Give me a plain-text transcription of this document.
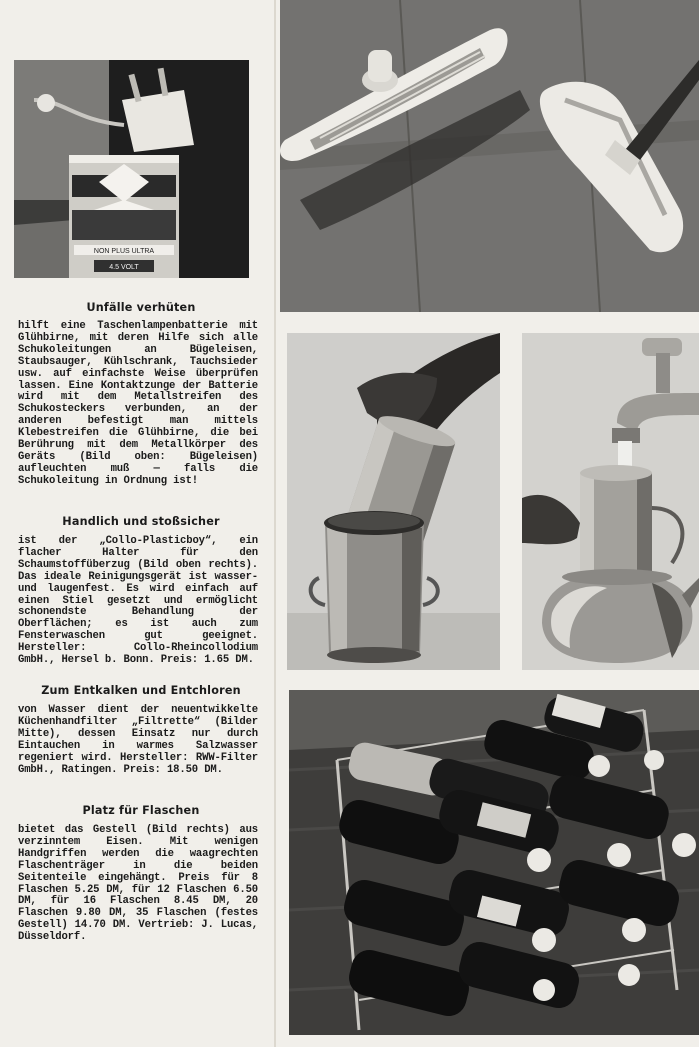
NON PLUS ULTRA
4.5 VOLT
Unfälle verhüten

hilft eine Taschenlampenbatterie mit Glühbirne, mit deren Hilfe sich alle Schukoleitungen an Bügeleisen, Staubsauger, Kühlschrank, Tauchsieder usw. auf einfachste Weise überprüfen lassen. Eine Kontaktzunge der Batterie wird mit dem Metallstreifen des Schukosteckers verbunden, an der anderen befestigt man mittels Klebestreifen die Glühbirne, die bei Berührung mit dem Metallkörper des Geräts (Bild oben: Bügeleisen) aufleuchten muß — falls die Schukoleitung in Ordnung ist!

Handlich und stoßsicher

ist der „Collo-Plasticboy“, ein flacher Halter für den Schaumstoffüberzug (Bild oben rechts). Das ideale Reinigungsgerät ist wasser- und laugenfest. Es wird einfach auf einen Stiel gesetzt und ermöglicht schonendste Behandlung der Oberflächen; es ist auch zum Fensterwaschen gut geeignet. Hersteller: Collo-Rheincollodium GmbH., Hersel b. Bonn. Preis: 1.65 DM.

Zum Entkalken und Entchloren

von Wasser dient der neuentwikkelte Küchenhandfilter „Filtrette“ (Bilder Mitte), dessen Einsatz nur durch Eintauchen in warmes Salzwasser regeniert wird. Hersteller: RWW-Filter GmbH., Ratingen. Preis: 18.50 DM.

Platz für Flaschen

bietet das Gestell (Bild rechts) aus verzinntem Eisen. Mit wenigen Handgriffen werden die waagrechten Flaschenträger in die beiden Seitenteile eingehängt. Preis für 8 Flaschen 5.25 DM, für 12 Flaschen 6.50 DM, für 16 Flaschen 8.45 DM, 20 Flaschen 9.80 DM, 35 Flaschen (festes Gestell) 14.70 DM. Vertrieb: J. Lucas, Düsseldorf.
